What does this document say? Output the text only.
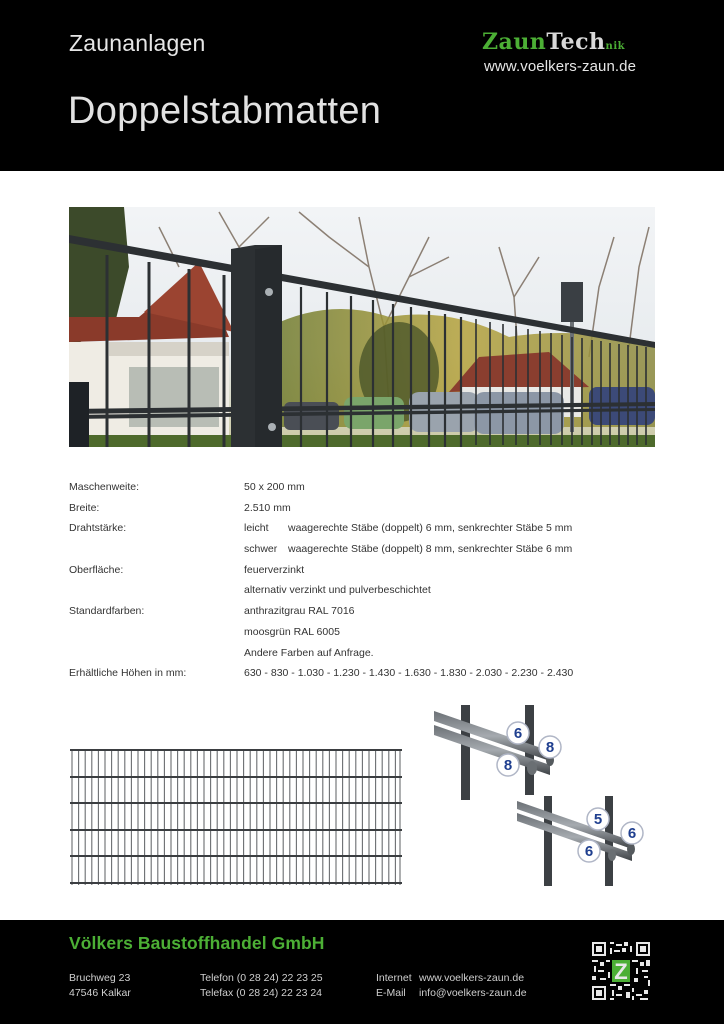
Zaunanlagen
Doppelstabmatten
ZaunTechnik
www.voelkers-zaun.de
Maschenweite:	50 x 200 mm
Breite:	2.510 mm
Drahtstärke:	leicht waagerechte Stäbe (doppelt) 6 mm, senkrechter Stäbe 5 mm
schwer waagerechte Stäbe (doppelt) 8 mm, senkrechter Stäbe 6 mm
Oberfläche:	feuerverzinkt
alternativ verzinkt und pulverbeschichtet
Standardfarben:	anthrazitgrau RAL 7016
moosgrün RAL 6005
Andere Farben auf Anfrage.
Erhältliche Höhen in mm:	630 - 830 - 1.030 - 1.230 - 1.430 - 1.630 - 1.830 - 2.030 - 2.230 - 2.430
6
8
8
5
6
6
Völkers Baustoffhandel GmbH
Bruchweg 23
47546 Kalkar
Telefon (0 28 24) 22 23 25
Telefax (0 28 24) 22 23 24
Internet www.voelkers-zaun.de
E-Mail info@voelkers-zaun.de
Z
